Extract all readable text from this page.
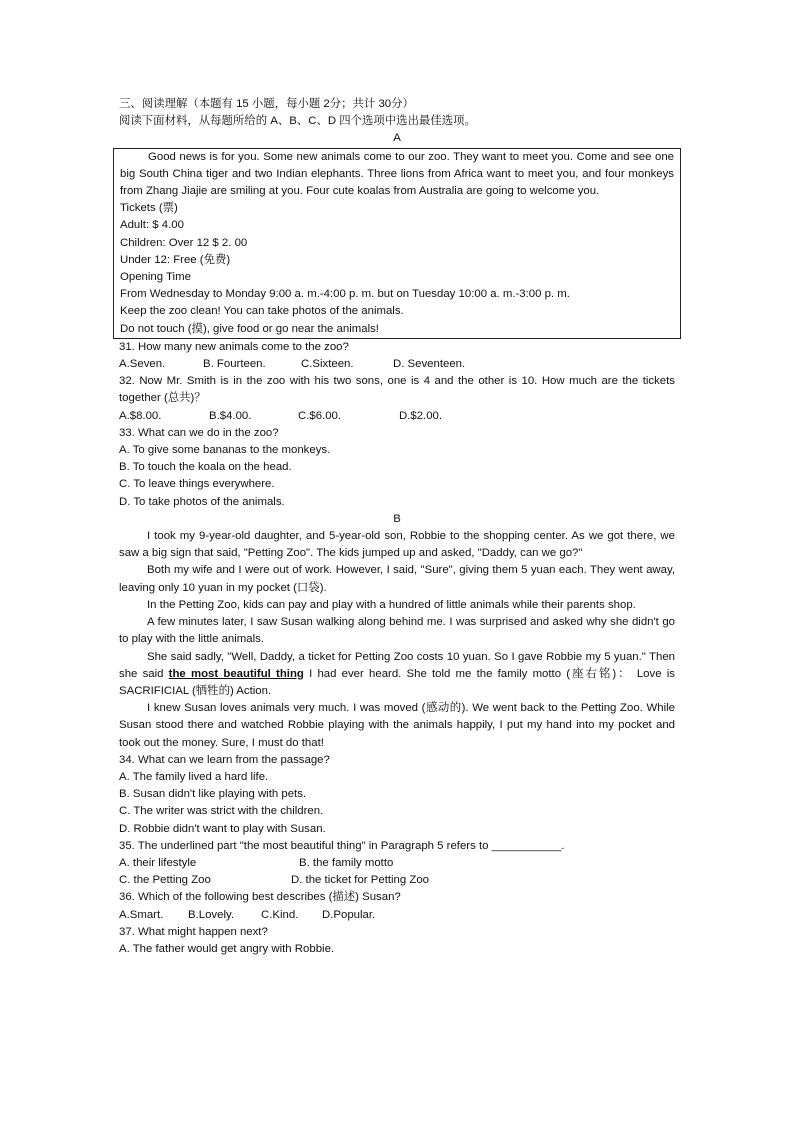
三、阅读理解（本题有 15 小题，每小题 2分；共计 30分）
阅读下面材料，从每题所给的 A、B、C、D 四个选项中选出最佳选项。
A
Good news is for you. Some new animals come to our zoo. They want to meet you. Come and see one big South China tiger and two Indian elephants. Three lions from Africa want to meet you, and four monkeys from Zhang Jiajie are smiling at you. Four cute koalas from Australia are going to welcome you.
Tickets (票)
Adult: $ 4.00
Children: Over 12 $ 2. 00
Under 12: Free (免费)
Opening Time
From Wednesday to Monday 9:00 a. m.-4:00 p. m. but on Tuesday 10:00 a. m.-3:00 p. m.
Keep the zoo clean! You can take photos of the animals.
Do not touch (摸), give food or go near the animals!
31. How many new animals come to the zoo?
A.Seven.	B. Fourteen.	C.Sixteen.	D. Seventeen.
32. Now Mr. Smith is in the zoo with his two sons, one is 4 and the other is 10. How much are the tickets together (总共)？
A.$8.00.	B.$4.00.	C.$6.00.	D.$2.00.
33. What can we do in the zoo?
A. To give some bananas to the monkeys.
B. To touch the koala on the head.
C. To leave things everywhere.
D. To take photos of the animals.
B
I took my 9-year-old daughter, and 5-year-old son, Robbie to the shopping center. As we got there, we saw a big sign that said, "Petting Zoo". The kids jumped up and asked, "Daddy, can we go?"
Both my wife and I were out of work. However, I said, "Sure", giving them 5 yuan each. They went away, leaving only 10 yuan in my pocket (口袋).
In the Petting Zoo, kids can pay and play with a hundred of little animals while their parents shop.
A few minutes later, I saw Susan walking along behind me. I was surprised and asked why she didn't go to play with the little animals.
She said sadly, "Well, Daddy, a ticket for Petting Zoo costs 10 yuan. So I gave Robbie my 5 yuan." Then she said the most beautiful thing I had ever heard. She told me the family motto (座右铭)： Love is SACRIFICIAL (牺牲的) Action.
I knew Susan loves animals very much. I was moved (感动的). We went back to the Petting Zoo. While Susan stood there and watched Robbie playing with the animals happily, I put my hand into my pocket and took out the money. Sure, I must do that!
34. What can we learn from the passage?
A. The family lived a hard life.
B. Susan didn't like playing with pets.
C. The writer was strict with the children.
D. Robbie didn't want to play with Susan.
35. The underlined part "the most beautiful thing" in Paragraph 5 refers to ___________.
A. their lifestyle	B. the family motto
C. the Petting Zoo	D. the ticket for Petting Zoo
36. Which of the following best describes (描述) Susan?
A.Smart.	B.Lovely.	C.Kind.	D.Popular.
37. What might happen next?
A. The father would get angry with Robbie.
